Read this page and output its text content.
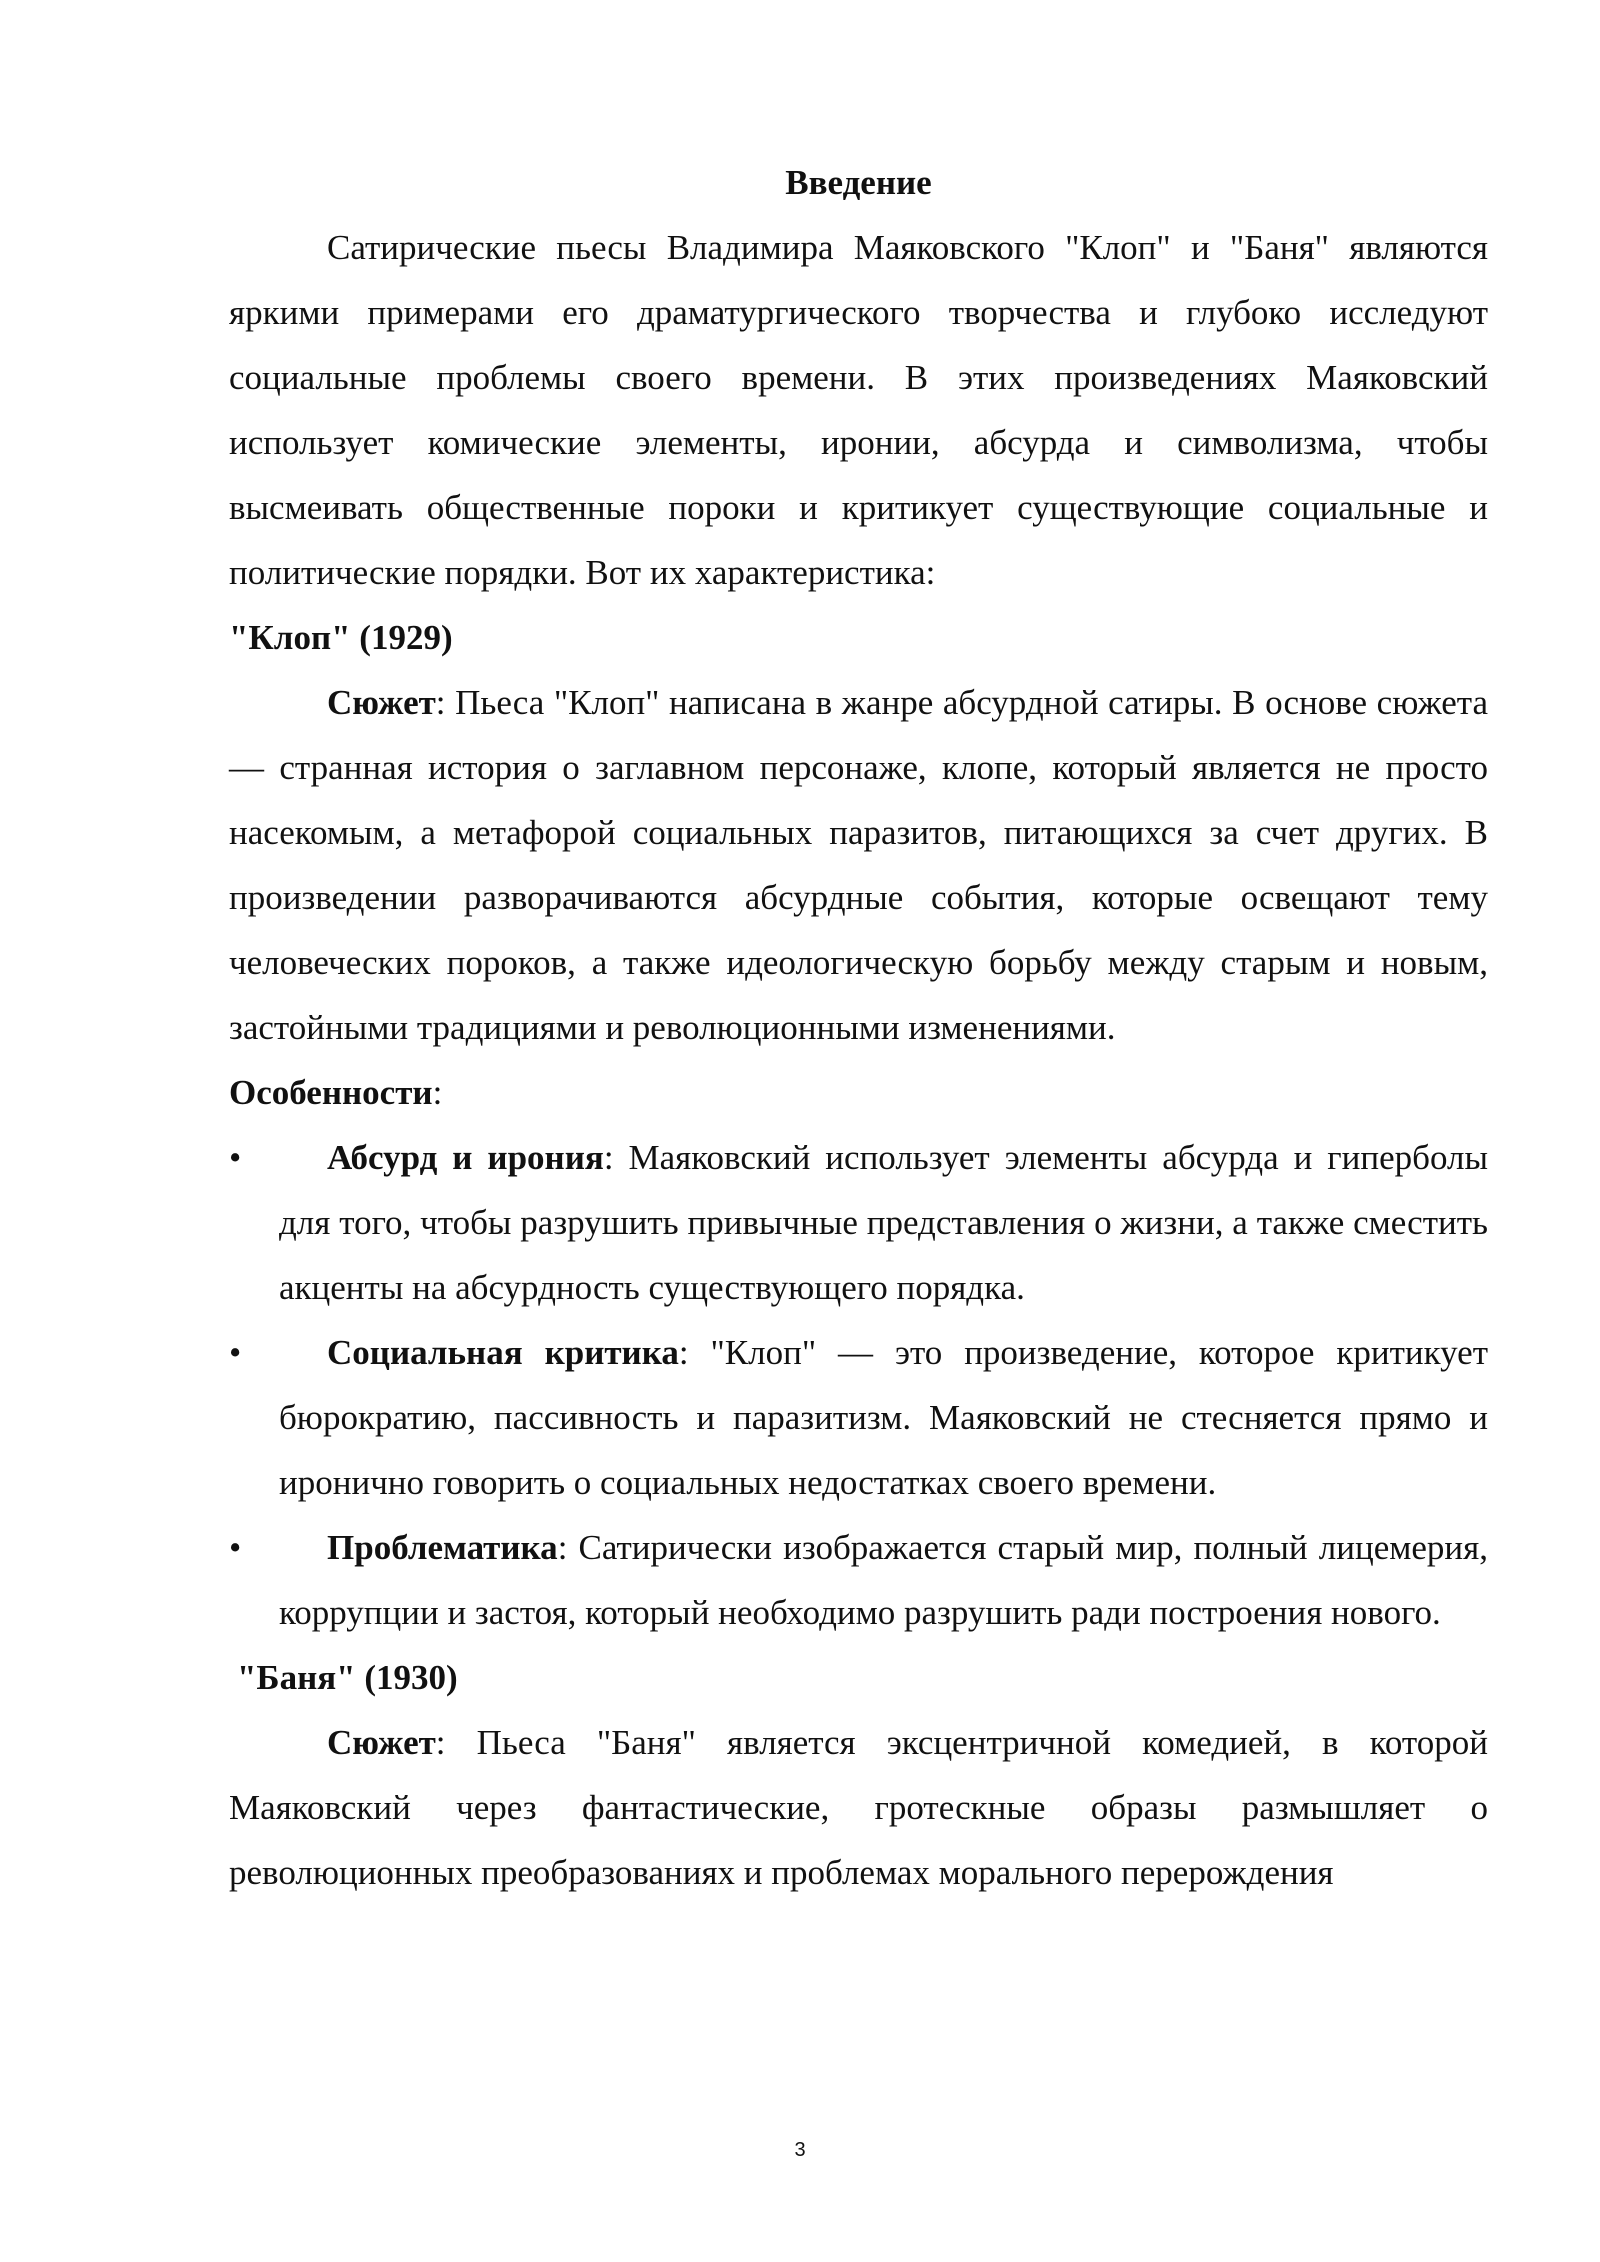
Введение

Сатирические пьесы Владимира Маяковского "Клоп" и "Баня" являются яркими примерами его драматургического творчества и глубоко исследуют социальные проблемы своего времени. В этих произведениях Маяковский использует комические элементы, иронии, абсурда и символизма, чтобы высмеивать общественные пороки и критикует существующие социальные и политические порядки. Вот их характеристика:

"Клоп" (1929)

Сюжет: Пьеса "Клоп" написана в жанре абсурдной сатиры. В основе сюжета — странная история о заглавном персонаже, клопе, который является не просто насекомым, а метафорой социальных паразитов, питающихся за счет других. В произведении разворачиваются абсурдные события, которые освещают тему человеческих пороков, а также идеологическую борьбу между старым и новым, застойными традициями и революционными изменениями.

Особенности:

•	Абсурд и ирония: Маяковский использует элементы абсурда и гиперболы для того, чтобы разрушить привычные представления о жизни, а также сместить акценты на абсурдность существующего порядка.
•	Социальная критика: "Клоп" — это произведение, которое критикует бюрократию, пассивность и паразитизм. Маяковский не стесняется прямо и иронично говорить о социальных недостатках своего времени.
•	Проблематика: Сатирически изображается старый мир, полный лицемерия, коррупции и застоя, который необходимо разрушить ради построения нового.

"Баня" (1930)

Сюжет: Пьеса "Баня" является эксцентричной комедией, в которой Маяковский через фантастические, гротескные образы размышляет о революционных преобразованиях и проблемах морального перерождения

3
